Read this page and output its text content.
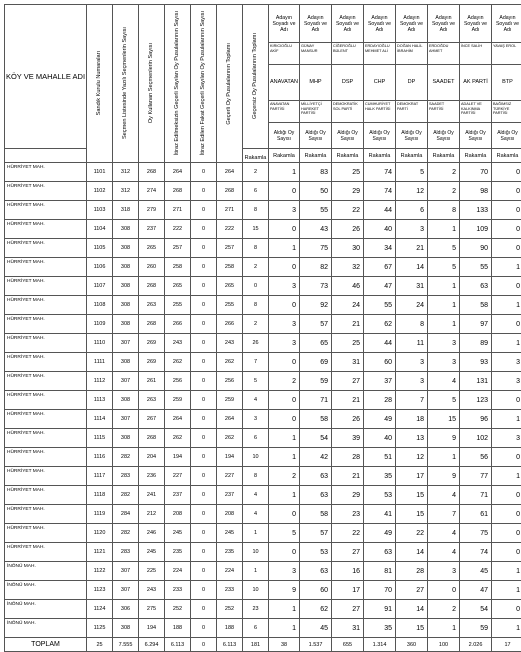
KÖY VE MAHALLE ADI	Sandık Kurulu Numaraları	Seçmen Listesinde Yazılı Seçmenlerin Sayısı	Oy Kullanan Seçmenlerin Sayısı	İtiraz Edilmeksizin Geçerli Sayılan Oy Pusulalarının Sayısı	İtiraz Edilen Fakat Geçerli Sayılan Oy Pusulalarının Sayısı	Geçerli Oy Pusulalarının Toplamı	Geçersiz Oy Pusulalarının Toplamı	Adayın Soyadı ve Adı	Adayın Soyadı ve Adı	Adayın Soyadı ve Adı	Adayın Soyadı ve Adı	Adayın Soyadı ve Adı	Adayın Soyadı ve Adı	Adayın Soyadı ve Adı	Adayın Soyadı ve Adı
								KIRICIOĞLU AKİF	GÜNAY MANSUR	CİĞEROĞLU BÜLENT	ERDAYIOĞLU MEHMET ALİ	DOĞAN HALİL İBRAHİM	ERDOĞDU AHMET	İNCE SALİH	YAVAŞ EROL
								ANAVATAN	MHP	DSP	CHP	DP	SAADET	AK PARTİ	BTP
								ANAVATAN PARTİSİ	MİLLİYETÇİ HAREKET PARTİSİ	DEMOKRATİK SOL PARTİ	CUMHURİYET HALK PARTİSİ	DEMOKRAT PARTİ	SAADET PARTİSİ	ADALET VE KALKINMA PARTİSİ	BAĞIMSIZ TÜRKİYE PARTİSİ
								Aldığı Oy Sayısı	Aldığı Oy Sayısı	Aldığı Oy Sayısı	Aldığı Oy Sayısı	Aldığı Oy Sayısı	Aldığı Oy Sayısı	Aldığı Oy Sayısı	Aldığı Oy Sayısı
							Rakamla	Rakamla	Rakamla	Rakamla	Rakamla	Rakamla	Rakamla	Rakamla	Rakamla
HÜRRİYET MAH.	1101	312	268	264	0	264	2	1	83	25	74	5	2	70	0
HÜRRİYET MAH.	1102	312	274	268	0	268	6	0	50	29	74	12	2	98	0
HÜRRİYET MAH.	1103	318	279	271	0	271	8	3	55	22	44	6	8	133	0
HÜRRİYET MAH.	1104	308	237	222	0	222	15	0	43	26	40	3	1	109	0
HÜRRİYET MAH.	1105	308	265	257	0	257	8	1	75	30	34	21	5	90	0
HÜRRİYET MAH.	1106	308	260	258	0	258	2	0	82	32	67	14	5	55	1
HÜRRİYET MAH.	1107	308	268	265	0	265	0	3	73	46	47	31	1	63	0
HÜRRİYET MAH.	1108	308	263	255	0	255	8	0	92	24	55	24	1	58	1
HÜRRİYET MAH.	1109	308	268	266	0	266	2	3	57	21	62	8	1	97	0
HÜRRİYET MAH.	1110	307	269	243	0	243	26	3	65	25	44	11	3	89	1
HÜRRİYET MAH.	1111	308	269	262	0	262	7	0	69	31	60	3	3	93	3
HÜRRİYET MAH.	1112	307	261	256	0	256	5	2	59	27	37	3	4	131	3
HÜRRİYET MAH.	1113	308	263	259	0	259	4	0	71	21	28	7	5	123	0
HÜRRİYET MAH.	1114	307	267	264	0	264	3	0	58	26	49	18	15	96	1
HÜRRİYET MAH.	1115	308	268	262	0	262	6	1	54	39	40	13	9	102	3
HÜRRİYET MAH.	1116	282	204	194	0	194	10	1	42	28	51	12	1	56	0
HÜRRİYET MAH.	1117	283	236	227	0	227	8	2	63	21	35	17	9	77	1
HÜRRİYET MAH.	1118	282	241	237	0	237	4	1	63	29	53	15	4	71	0
HÜRRİYET MAH.	1119	284	212	208	0	208	4	0	58	23	41	15	7	61	0
HÜRRİYET MAH.	1120	282	246	245	0	245	1	5	57	22	49	22	4	75	0
HÜRRİYET MAH.	1121	283	245	235	0	235	10	0	53	27	63	14	4	74	0
İNÖNÜ MAH.	1122	307	225	224	0	224	1	3	63	16	81	28	3	45	1
İNÖNÜ MAH.	1123	307	243	233	0	233	10	9	60	17	70	27	0	47	1
İNÖNÜ MAH.	1124	306	275	252	0	252	23	1	62	27	91	14	2	54	0
İNÖNÜ MAH.	1125	308	194	188	0	188	6	1	45	31	35	15	1	59	1
TOPLAM	25	7.555	6.294	6.113	0	6.113	181	38	1.537	655	1.314	360	100	2.026	17
